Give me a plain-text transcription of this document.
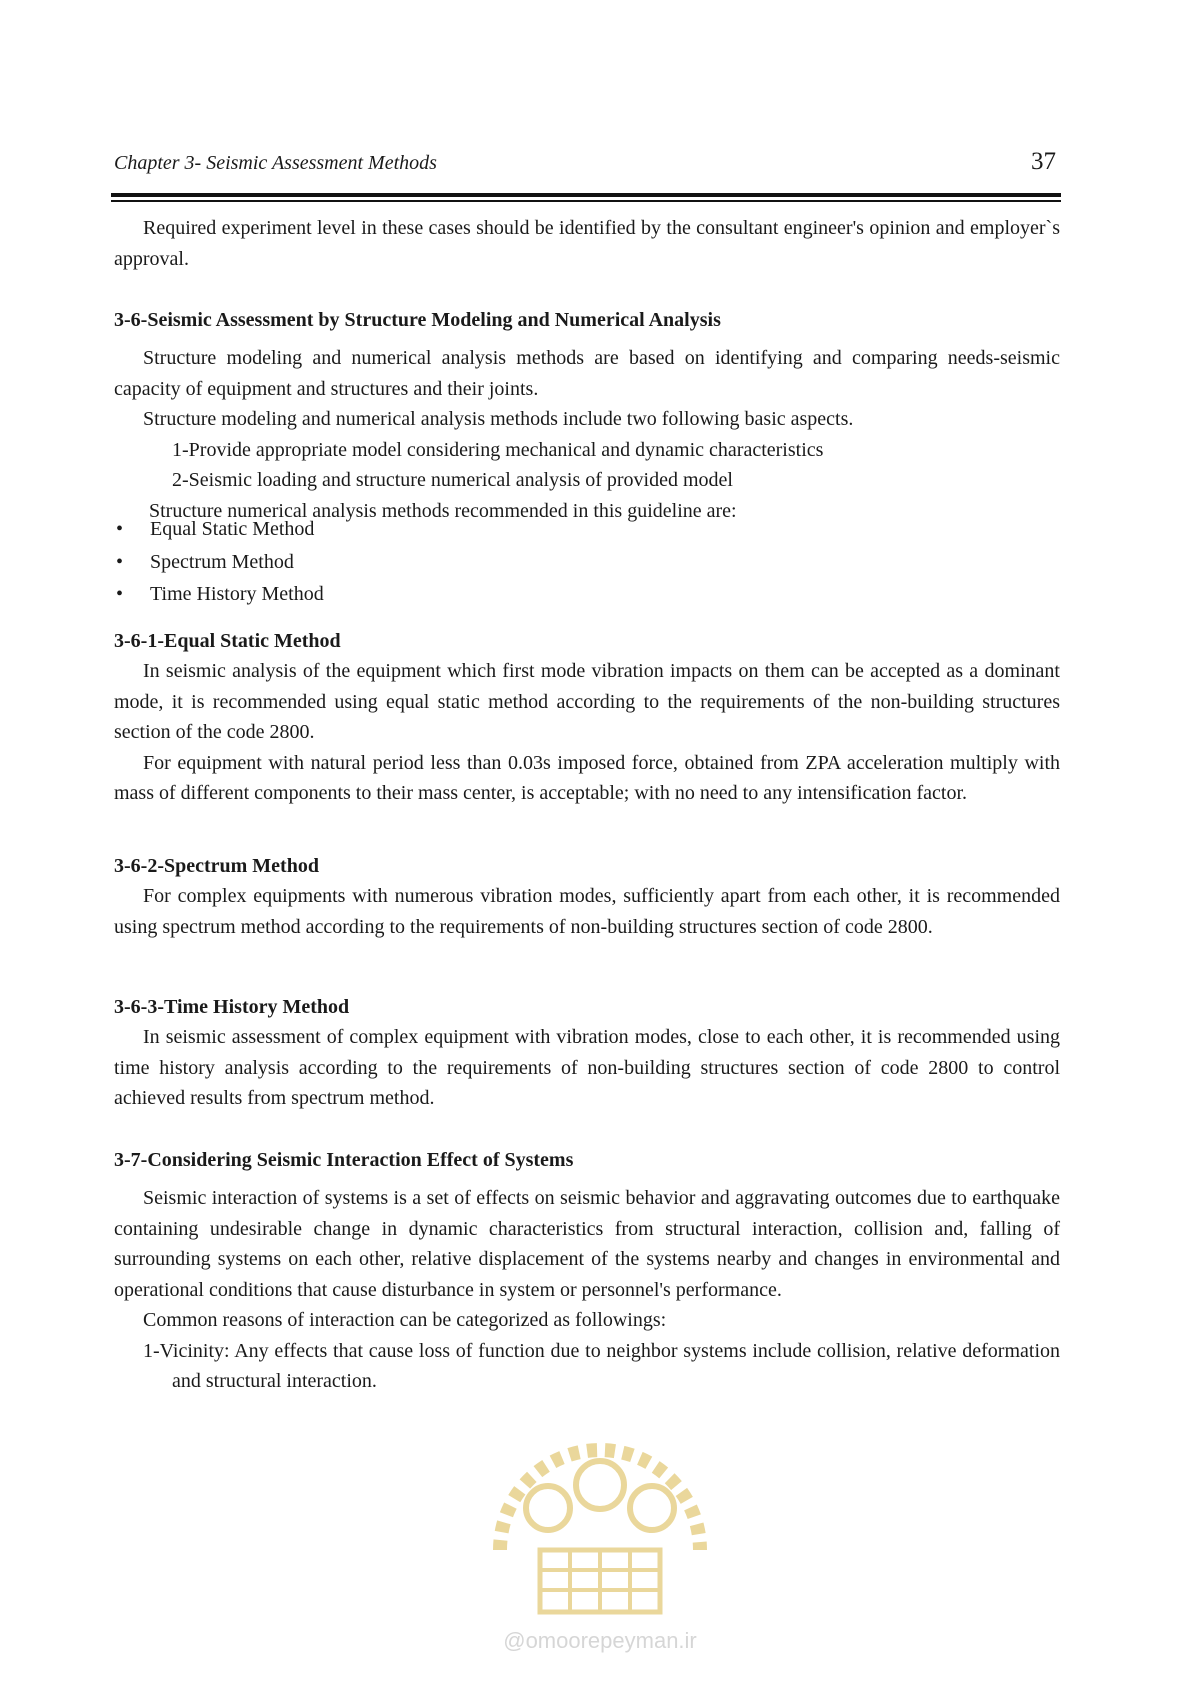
Chapter 3- Seismic Assessment Methods	37

Required experiment level in these cases should be identified by the consultant engineer's opinion and employer`s approval.

3-6-Seismic Assessment by Structure Modeling and Numerical Analysis

Structure modeling and numerical analysis methods are based on identifying and comparing needs-seismic capacity of equipment and structures and their joints.

Structure modeling and numerical analysis methods include two following basic aspects.

1-Provide appropriate model considering mechanical and dynamic characteristics

2-Seismic loading and structure numerical analysis of provided model

Structure numerical analysis methods recommended in this guideline are:

• Equal Static Method
• Spectrum Method
• Time History Method
3-6-1-Equal Static Method

In seismic analysis of the equipment which first mode vibration impacts on them can be accepted as a dominant mode, it is recommended using equal static method according to the requirements of the non-building structures section of the code 2800.

For equipment with natural period less than 0.03s imposed force, obtained from ZPA acceleration multiply with mass of different components to their mass center, is acceptable; with no need to any intensification factor.

3-6-2-Spectrum Method

For complex equipments with numerous vibration modes, sufficiently apart from each other, it is recommended using spectrum method according to the requirements of non-building structures section of code 2800.

3-6-3-Time History Method

In seismic assessment of complex equipment with vibration modes, close to each other, it is recommended using time history analysis according to the requirements of non-building structures section of code 2800 to control achieved results from spectrum method.

3-7-Considering Seismic Interaction Effect of Systems

Seismic interaction of systems is a set of effects on seismic behavior and aggravating outcomes due to earthquake containing undesirable change in dynamic characteristics from structural interaction, collision and, falling of surrounding systems on each other, relative displacement of the systems nearby and changes in environmental and operational conditions that cause disturbance in system or personnel's performance.

Common reasons of interaction can be categorized as followings:

1-Vicinity: Any effects that cause loss of function due to neighbor systems include collision, relative deformation and structural interaction.

@omoorepeyman.ir
